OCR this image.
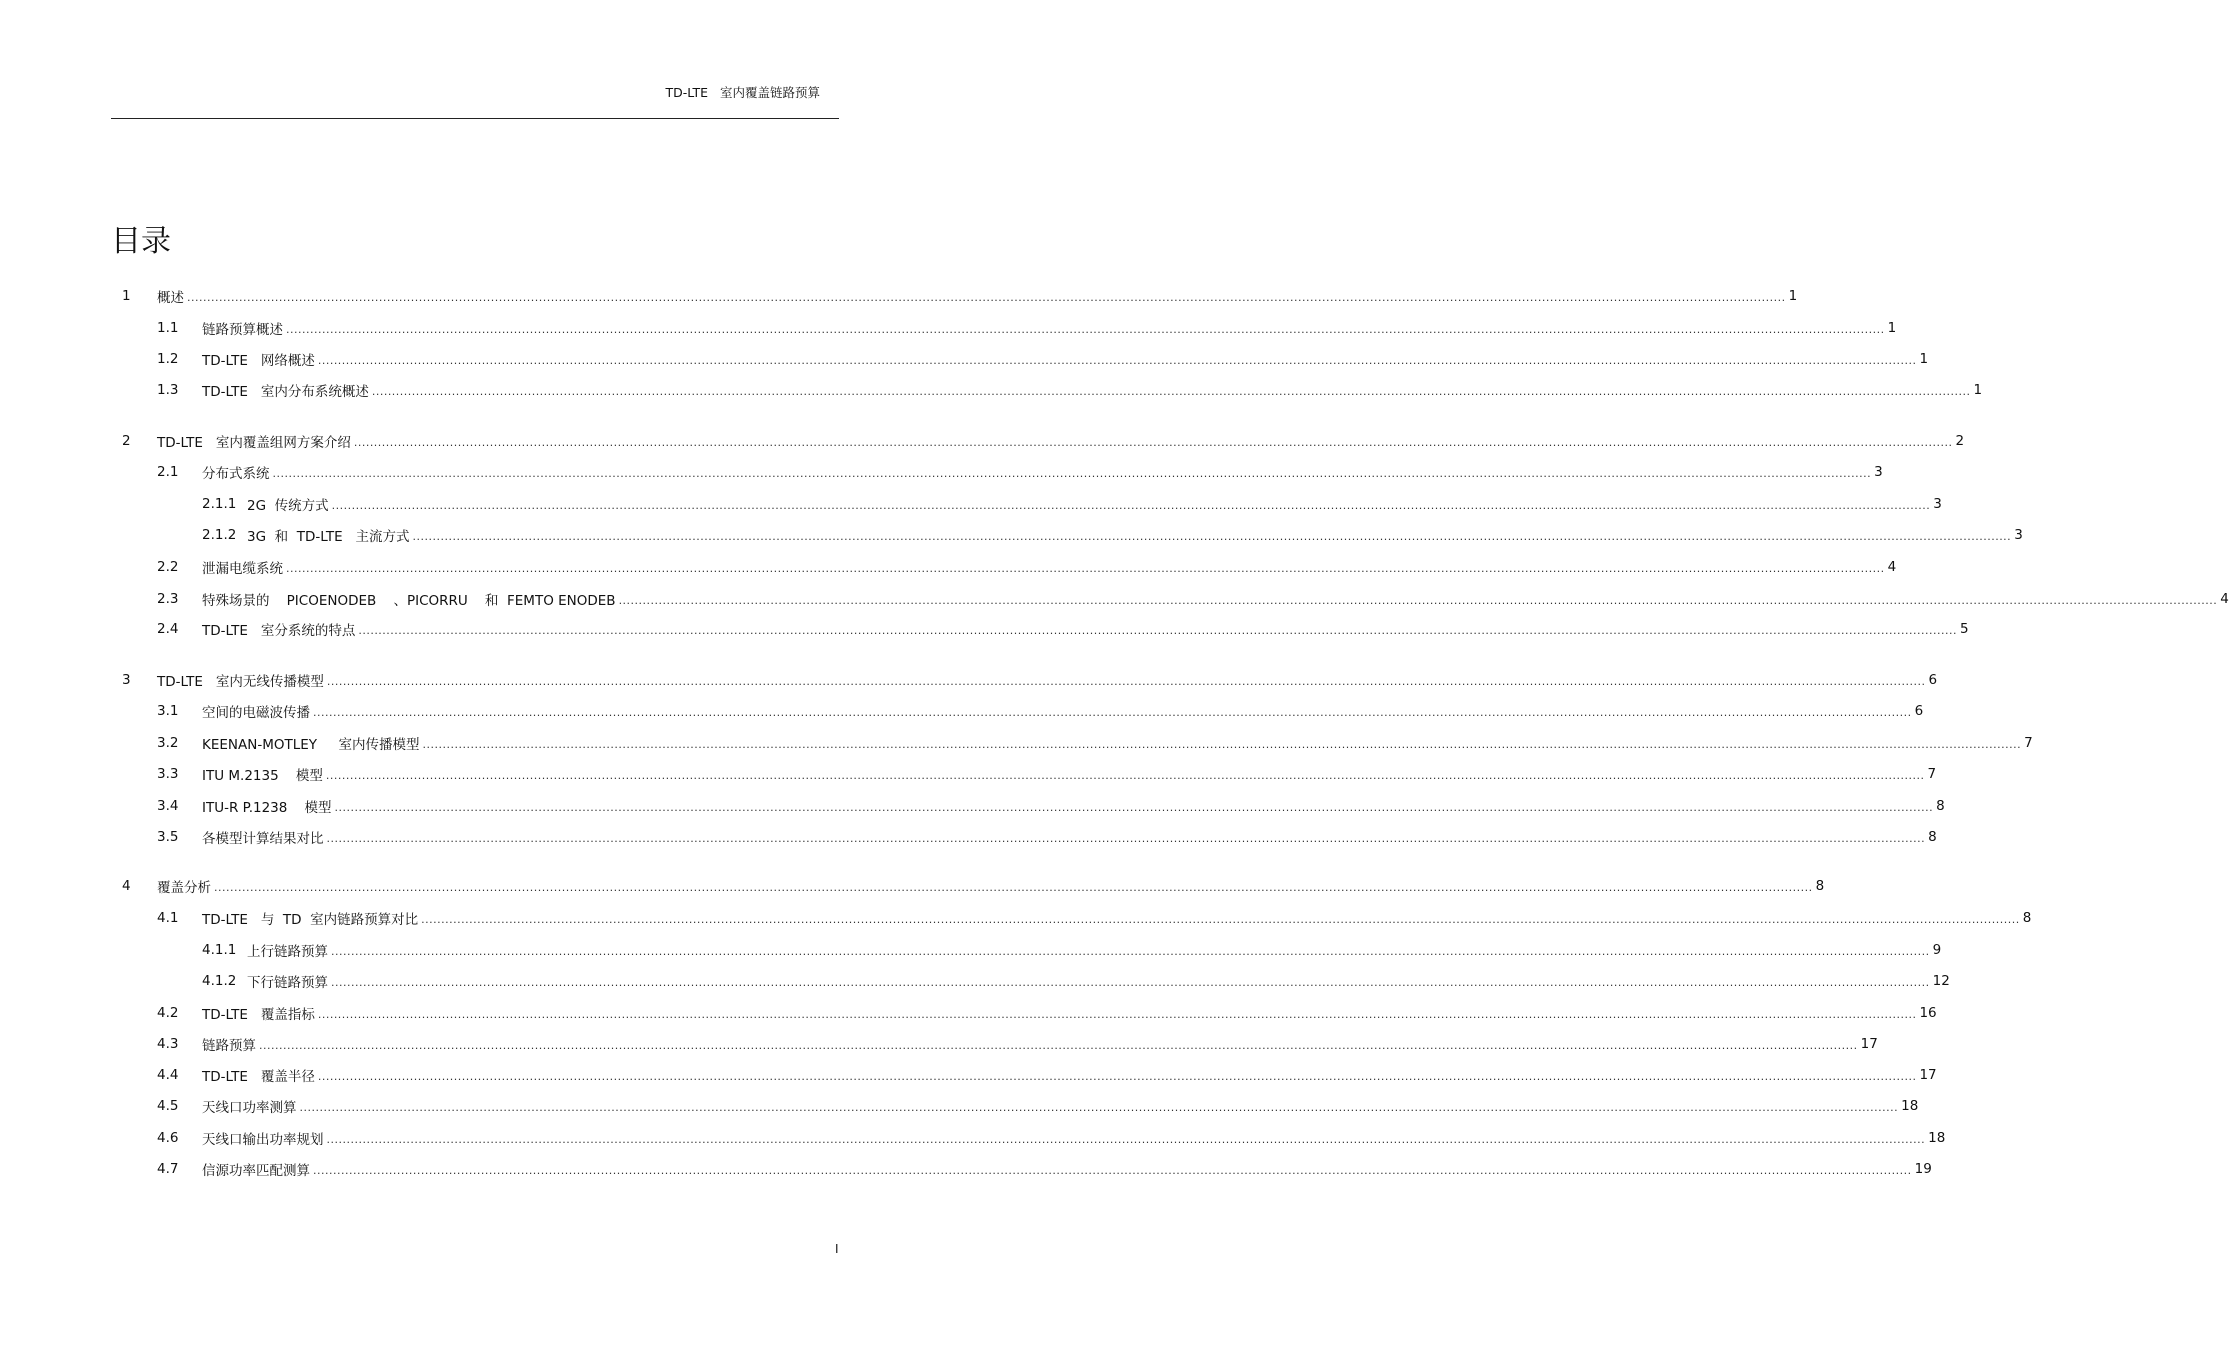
TD-LTE   室内覆盖链路预算
目录
1 概述 ................................................................................................................................................................................................................................................................................................................................................................................................................ 1
1.1 链路预算概述 ................................................................................................................................................................................................................................................................................................................................................................................................................ 1
1.2 TD-LTE   网络概述 ................................................................................................................................................................................................................................................................................................................................................................................................................ 1
1.3 TD-LTE   室内分布系统概述 ................................................................................................................................................................................................................................................................................................................................................................................................................ 1
2 TD-LTE   室内覆盖组网方案介绍 ................................................................................................................................................................................................................................................................................................................................................................................................................ 2
2.1 分布式系统 ................................................................................................................................................................................................................................................................................................................................................................................................................ 3
2.1.1 2G  传统方式 ................................................................................................................................................................................................................................................................................................................................................................................................................ 3
2.1.2 3G  和  TD-LTE   主流方式 ................................................................................................................................................................................................................................................................................................................................................................................................................ 3
2.2 泄漏电缆系统 ................................................................................................................................................................................................................................................................................................................................................................................................................ 4
2.3 特殊场景的    PICOENODEB    、PICORRU    和  FEMTO ENODEB ................................................................................................................................................................................................................................................................................................................................................................................................................ 4
2.4 TD-LTE   室分系统的特点 ................................................................................................................................................................................................................................................................................................................................................................................................................ 5
3 TD-LTE   室内无线传播模型 ................................................................................................................................................................................................................................................................................................................................................................................................................ 6
3.1 空间的电磁波传播 ................................................................................................................................................................................................................................................................................................................................................................................................................ 6
3.2 KEENAN-MOTLEY     室内传播模型 ................................................................................................................................................................................................................................................................................................................................................................................................................ 7
3.3 ITU M.2135    模型 ................................................................................................................................................................................................................................................................................................................................................................................................................ 7
3.4 ITU-R P.1238    模型 ................................................................................................................................................................................................................................................................................................................................................................................................................ 8
3.5 各模型计算结果对比 ................................................................................................................................................................................................................................................................................................................................................................................................................ 8
4 覆盖分析 ................................................................................................................................................................................................................................................................................................................................................................................................................ 8
4.1 TD-LTE   与  TD  室内链路预算对比 ................................................................................................................................................................................................................................................................................................................................................................................................................ 8
4.1.1 上行链路预算 ................................................................................................................................................................................................................................................................................................................................................................................................................ 9
4.1.2 下行链路预算 ................................................................................................................................................................................................................................................................................................................................................................................................................ 12
4.2 TD-LTE   覆盖指标 ................................................................................................................................................................................................................................................................................................................................................................................................................ 16
4.3 链路预算 ................................................................................................................................................................................................................................................................................................................................................................................................................ 17
4.4 TD-LTE   覆盖半径 ................................................................................................................................................................................................................................................................................................................................................................................................................ 17
4.5 天线口功率测算 ................................................................................................................................................................................................................................................................................................................................................................................................................ 18
4.6 天线口输出功率规划 ................................................................................................................................................................................................................................................................................................................................................................................................................ 18
4.7 信源功率匹配测算 ................................................................................................................................................................................................................................................................................................................................................................................................................ 19
I
